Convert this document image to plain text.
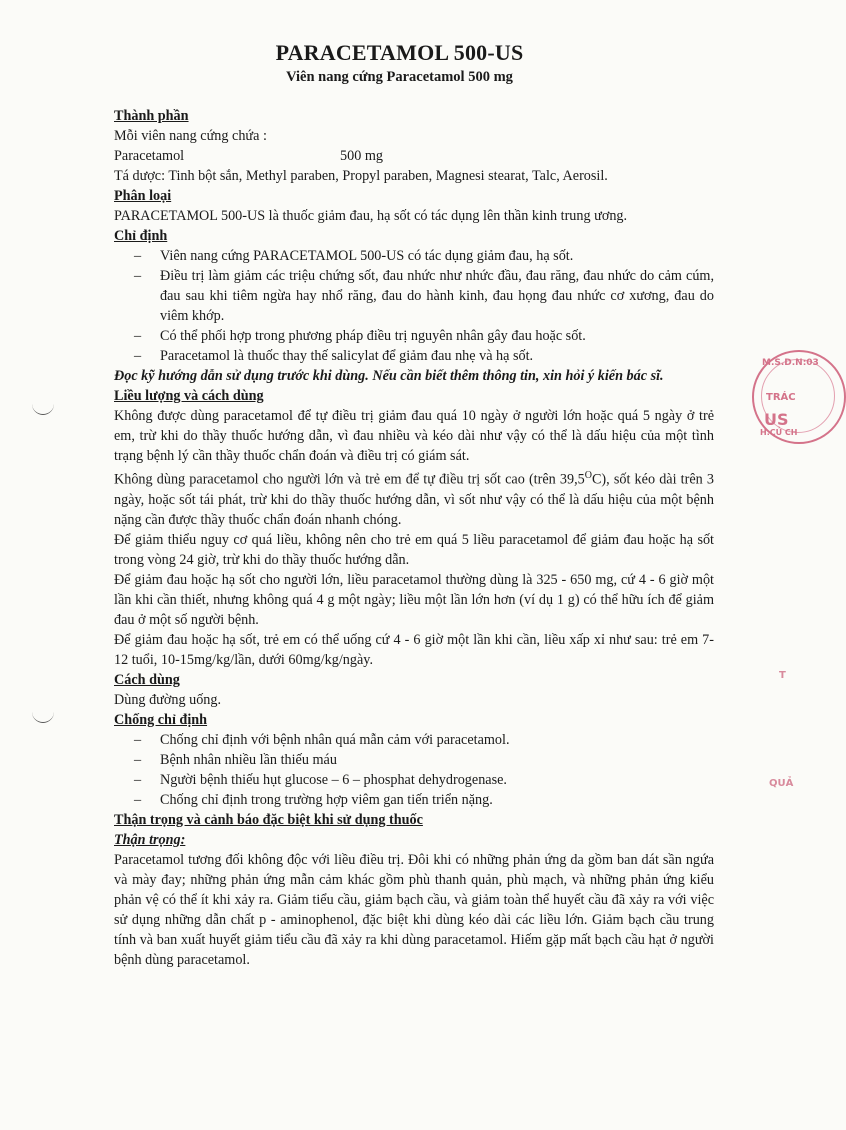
PARACETAMOL 500-US
Viên nang cứng Paracetamol 500 mg

Thành phần

Mỗi viên nang cứng chứa :

Paracetamol	500 mg

Tá dược: Tinh bột sắn, Methyl paraben, Propyl paraben, Magnesi stearat, Talc, Aerosil.

Phân loại

PARACETAMOL 500-US là thuốc giảm đau, hạ sốt có tác dụng lên thần kinh trung ương.

Chỉ định

– Viên nang cứng PARACETAMOL 500-US có tác dụng giảm đau, hạ sốt.
– Điều trị làm giảm các triệu chứng sốt, đau nhức như nhức đầu, đau răng, đau nhức do cảm cúm, đau sau khi tiêm ngừa hay nhổ răng, đau do hành kinh, đau họng đau nhức cơ xương, đau do viêm khớp.
– Có thể phối hợp trong phương pháp điều trị nguyên nhân gây đau hoặc sốt.
– Paracetamol là thuốc thay thế salicylat để giảm đau nhẹ và hạ sốt.

Đọc kỹ hướng dẫn sử dụng trước khi dùng. Nếu cần biết thêm thông tin, xin hỏi ý kiến bác sĩ.

Liều lượng và cách dùng

Không được dùng paracetamol để tự điều trị giảm đau quá 10 ngày ở người lớn hoặc quá 5 ngày ở trẻ em, trừ khi do thầy thuốc hướng dẫn, vì đau nhiều và kéo dài như vậy có thể là dấu hiệu của một tình trạng bệnh lý cần thầy thuốc chẩn đoán và điều trị có giám sát.

Không dùng paracetamol cho người lớn và trẻ em để tự điều trị sốt cao (trên $39,5^OC$), sốt kéo dài trên 3 ngày, hoặc sốt tái phát, trừ khi do thầy thuốc hướng dẫn, vì sốt như vậy có thể là dấu hiệu của một bệnh nặng cần được thầy thuốc chẩn đoán nhanh chóng.

Để giảm thiểu nguy cơ quá liều, không nên cho trẻ em quá 5 liều paracetamol để giảm đau hoặc hạ sốt trong vòng 24 giờ, trừ khi do thầy thuốc hướng dẫn.

Để giảm đau hoặc hạ sốt cho người lớn, liều paracetamol thường dùng là 325 - 650 mg, cứ 4 - 6 giờ một lần khi cần thiết, nhưng không quá 4 g một ngày; liều một lần lớn hơn (ví dụ 1 g) có thể hữu ích để giảm đau ở một số người bệnh.

Để giảm đau hoặc hạ sốt, trẻ em có thể uống cứ 4 - 6 giờ một lần khi cần, liều xấp xỉ như sau: trẻ em 7- 12 tuổi, 10-15mg/kg/lần, dưới 60mg/kg/ngày.

Cách dùng

Dùng đường uống.

Chống chỉ định

– Chống chỉ định với bệnh nhân quá mẫn cảm với paracetamol.
– Bệnh nhân nhiều lần thiếu máu
– Người bệnh thiếu hụt glucose – 6 – phosphat dehydrogenase.
– Chống chỉ định trong trường hợp viêm gan tiến triển nặng.

Thận trọng và cảnh báo đặc biệt khi sử dụng thuốc

Thận trọng:

Paracetamol tương đối không độc với liều điều trị. Đôi khi có những phản ứng da gồm ban dát sần ngứa và mày đay; những phản ứng mẫn cảm khác gồm phù thanh quản, phù mạch, và những phản ứng kiểu phản vệ có thể ít khi xảy ra. Giảm tiểu cầu, giảm bạch cầu, và giảm toàn thể huyết cầu đã xảy ra với việc sử dụng những dẫn chất p - aminophenol, đặc biệt khi dùng kéo dài các liều lớn. Giảm bạch cầu trung tính và ban xuất huyết giảm tiểu cầu đã xảy ra khi dùng paracetamol. Hiếm gặp mất bạch cầu hạt ở người bệnh dùng paracetamol.

M.S.D.N:03
TRÁC
US
H.CỦ CH
T
QUẢ
